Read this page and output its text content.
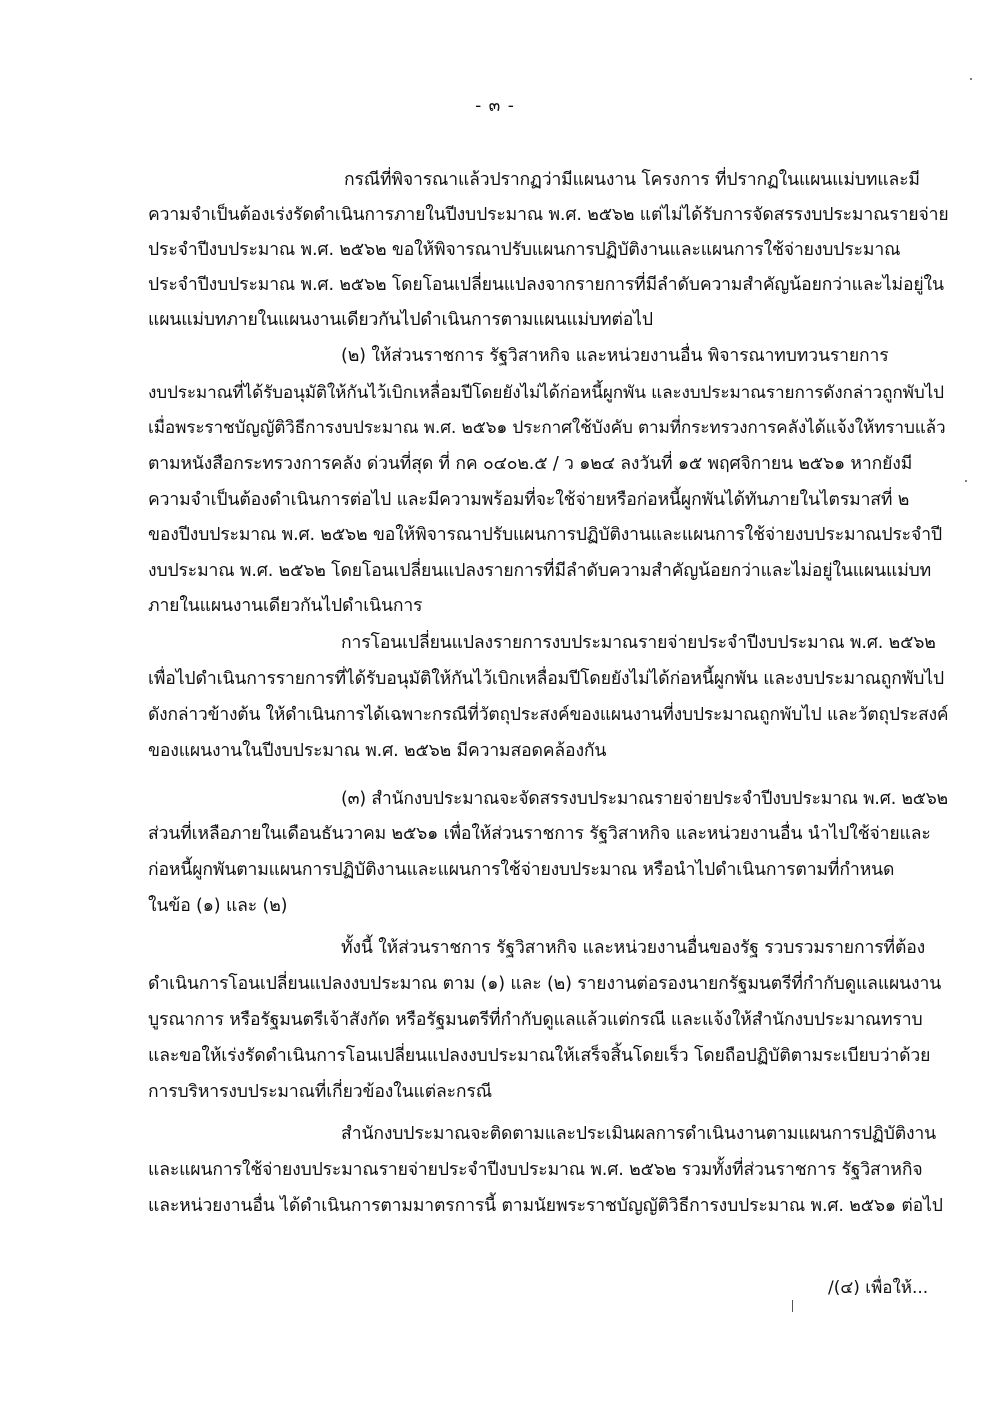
- ๓ -
กรณีที่พิจารณาแล้วปรากฏว่ามีแผนงาน โครงการ ที่ปรากฏในแผนแม่บทและมี
ความจำเป็นต้องเร่งรัดดำเนินการภายในปีงบประมาณ พ.ศ. ๒๕๖๒ แต่ไม่ได้รับการจัดสรรงบประมาณรายจ่าย
ประจำปีงบประมาณ พ.ศ. ๒๕๖๒ ขอให้พิจารณาปรับแผนการปฏิบัติงานและแผนการใช้จ่ายงบประมาณ
ประจำปีงบประมาณ พ.ศ. ๒๕๖๒ โดยโอนเปลี่ยนแปลงจากรายการที่มีลำดับความสำคัญน้อยกว่าและไม่อยู่ใน
แผนแม่บทภายในแผนงานเดียวกันไปดำเนินการตามแผนแม่บทต่อไป
(๒) ให้ส่วนราชการ รัฐวิสาหกิจ และหน่วยงานอื่น พิจารณาทบทวนรายการ
งบประมาณที่ได้รับอนุมัติให้กันไว้เบิกเหลื่อมปีโดยยังไม่ได้ก่อหนี้ผูกพัน และงบประมาณรายการดังกล่าวถูกพับไป
เมื่อพระราชบัญญัติวิธีการงบประมาณ พ.ศ. ๒๕๖๑ ประกาศใช้บังคับ ตามที่กระทรวงการคลังได้แจ้งให้ทราบแล้ว
ตามหนังสือกระทรวงการคลัง ด่วนที่สุด ที่ กค ๐๔๐๒.๕ / ว ๑๒๔ ลงวันที่ ๑๕ พฤศจิกายน ๒๕๖๑ หากยังมี
ความจำเป็นต้องดำเนินการต่อไป และมีความพร้อมที่จะใช้จ่ายหรือก่อหนี้ผูกพันได้ทันภายในไตรมาสที่ ๒
ของปีงบประมาณ พ.ศ. ๒๕๖๒ ขอให้พิจารณาปรับแผนการปฏิบัติงานและแผนการใช้จ่ายงบประมาณประจำปี
งบประมาณ พ.ศ. ๒๕๖๒ โดยโอนเปลี่ยนแปลงรายการที่มีลำดับความสำคัญน้อยกว่าและไม่อยู่ในแผนแม่บท
ภายในแผนงานเดียวกันไปดำเนินการ
การโอนเปลี่ยนแปลงรายการงบประมาณรายจ่ายประจำปีงบประมาณ พ.ศ. ๒๕๖๒
เพื่อไปดำเนินการรายการที่ได้รับอนุมัติให้กันไว้เบิกเหลื่อมปีโดยยังไม่ได้ก่อหนี้ผูกพัน และงบประมาณถูกพับไป
ดังกล่าวข้างต้น ให้ดำเนินการได้เฉพาะกรณีที่วัตถุประสงค์ของแผนงานที่งบประมาณถูกพับไป และวัตถุประสงค์
ของแผนงานในปีงบประมาณ พ.ศ. ๒๕๖๒ มีความสอดคล้องกัน
(๓) สำนักงบประมาณจะจัดสรรงบประมาณรายจ่ายประจำปีงบประมาณ พ.ศ. ๒๕๖๒
ส่วนที่เหลือภายในเดือนธันวาคม ๒๕๖๑ เพื่อให้ส่วนราชการ รัฐวิสาหกิจ และหน่วยงานอื่น นำไปใช้จ่ายและ
ก่อหนี้ผูกพันตามแผนการปฏิบัติงานและแผนการใช้จ่ายงบประมาณ หรือนำไปดำเนินการตามที่กำหนด
ในข้อ (๑) และ (๒)
ทั้งนี้ ให้ส่วนราชการ รัฐวิสาหกิจ และหน่วยงานอื่นของรัฐ รวบรวมรายการที่ต้อง
ดำเนินการโอนเปลี่ยนแปลงงบประมาณ ตาม (๑) และ (๒) รายงานต่อรองนายกรัฐมนตรีที่กำกับดูแลแผนงาน
บูรณาการ หรือรัฐมนตรีเจ้าสังกัด หรือรัฐมนตรีที่กำกับดูแลแล้วแต่กรณี และแจ้งให้สำนักงบประมาณทราบ
และขอให้เร่งรัดดำเนินการโอนเปลี่ยนแปลงงบประมาณให้เสร็จสิ้นโดยเร็ว โดยถือปฏิบัติตามระเบียบว่าด้วย
การบริหารงบประมาณที่เกี่ยวข้องในแต่ละกรณี
สำนักงบประมาณจะติดตามและประเมินผลการดำเนินงานตามแผนการปฏิบัติงาน
และแผนการใช้จ่ายงบประมาณรายจ่ายประจำปีงบประมาณ พ.ศ. ๒๕๖๒ รวมทั้งที่ส่วนราชการ รัฐวิสาหกิจ
และหน่วยงานอื่น ได้ดำเนินการตามมาตรการนี้ ตามนัยพระราชบัญญัติวิธีการงบประมาณ พ.ศ. ๒๕๖๑ ต่อไป
/(๔) เพื่อให้...
